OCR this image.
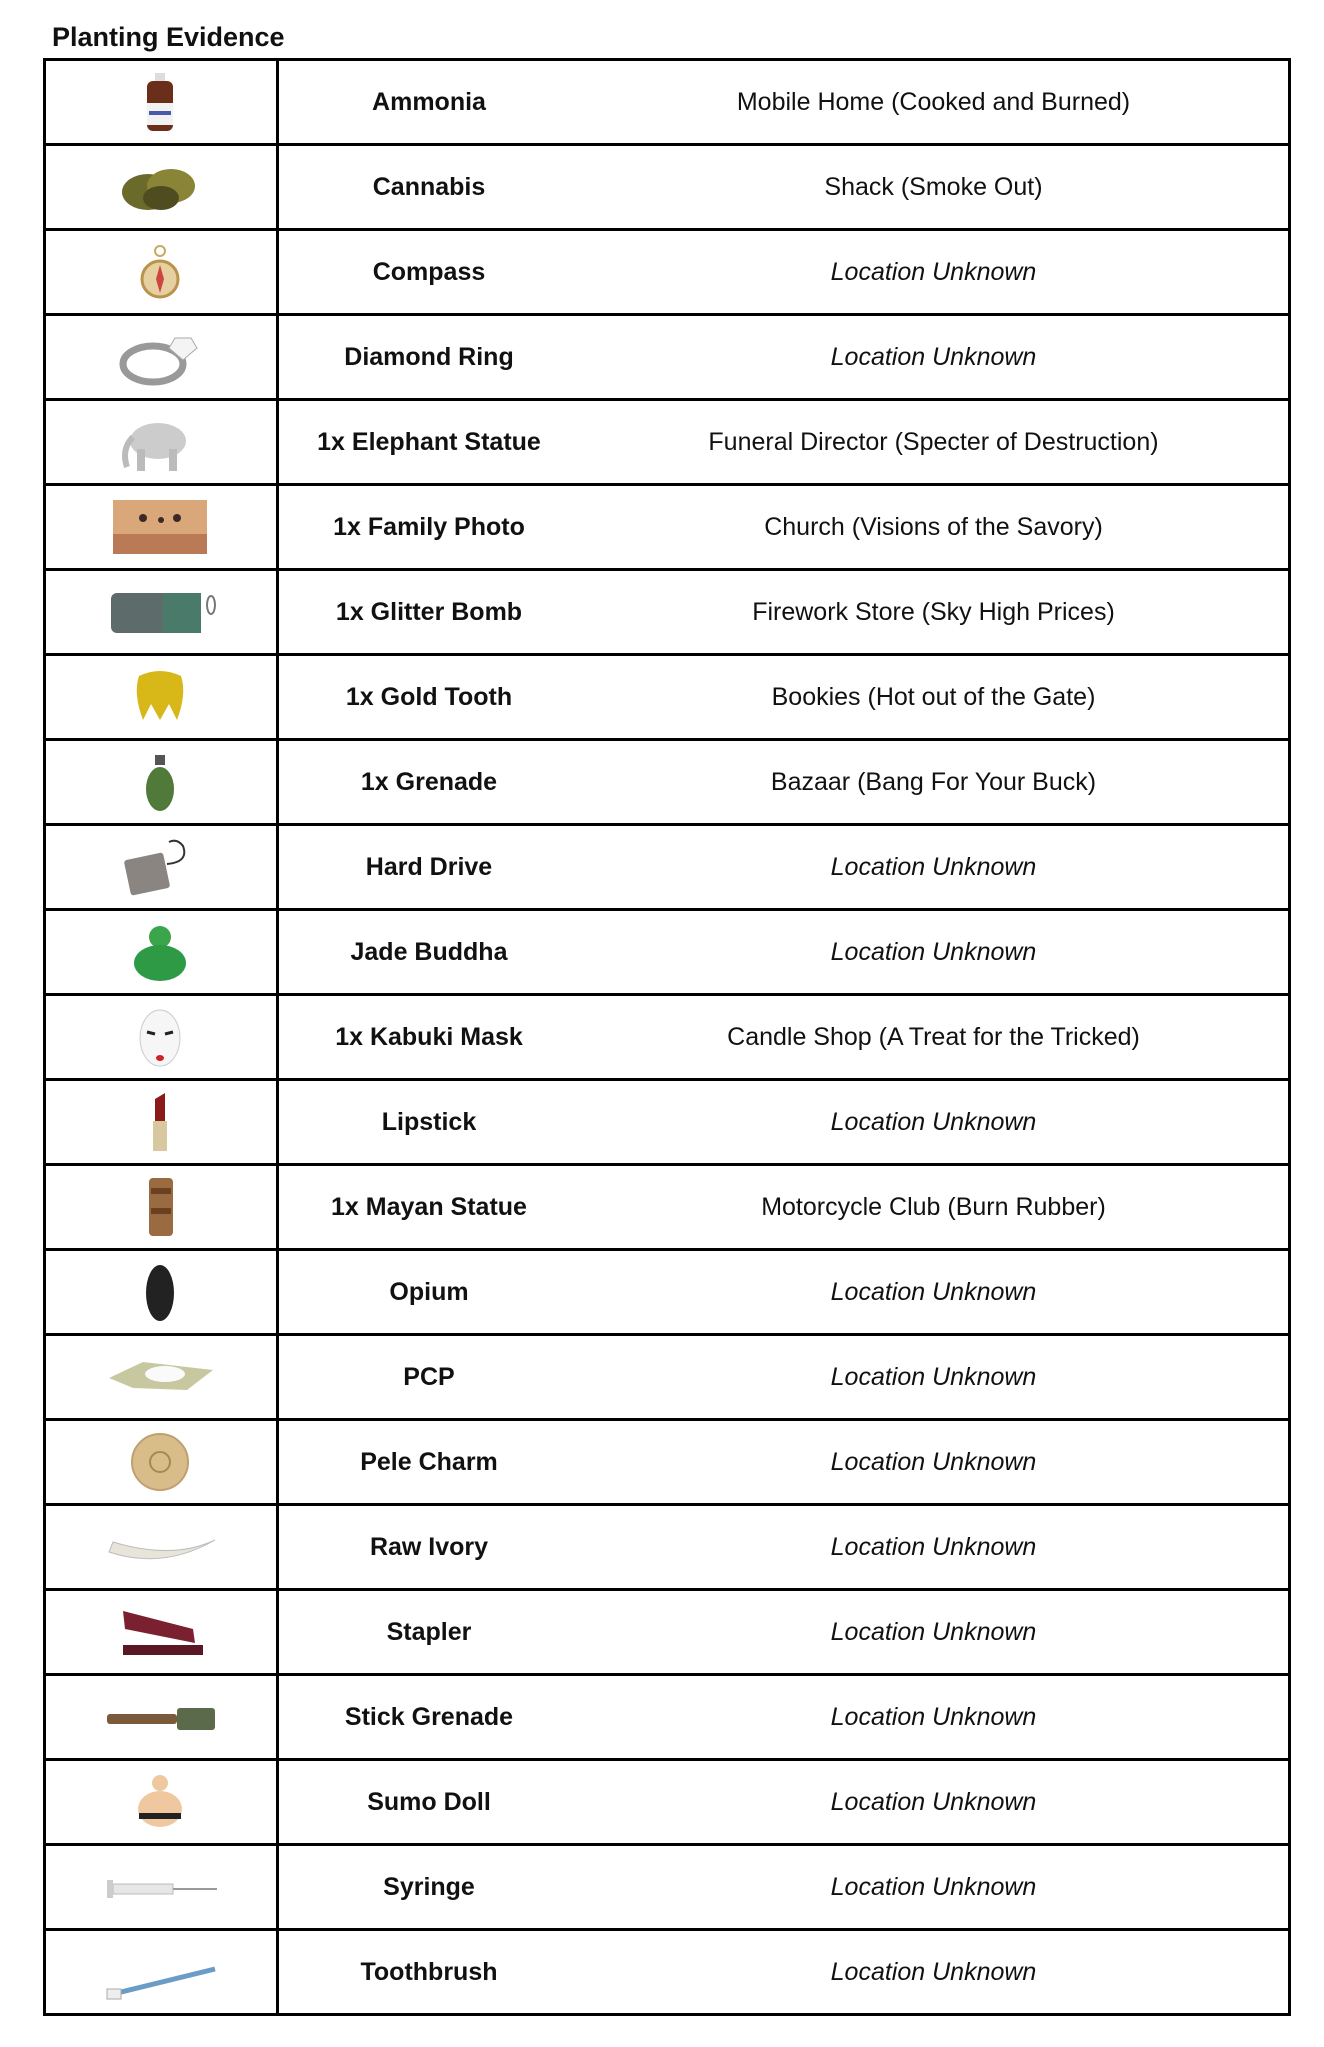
Planting Evidence
	Ammonia	Mobile Home (Cooked and Burned)
	Cannabis	Shack (Smoke Out)
	Compass	Location Unknown
	Diamond Ring	Location Unknown
	1x Elephant Statue	Funeral Director (Specter of Destruction)
	1x Family Photo	Church (Visions of the Savory)
	1x Glitter Bomb	Firework Store (Sky High Prices)
	1x Gold Tooth	Bookies (Hot out of the Gate)
	1x Grenade	Bazaar (Bang For Your Buck)
	Hard Drive	Location Unknown
	Jade Buddha	Location Unknown
	1x Kabuki Mask	Candle Shop (A Treat for the Tricked)
	Lipstick	Location Unknown
	1x Mayan Statue	Motorcycle Club (Burn Rubber)
	Opium	Location Unknown
	PCP	Location Unknown
	Pele Charm	Location Unknown
	Raw Ivory	Location Unknown
	Stapler	Location Unknown
	Stick Grenade	Location Unknown
	Sumo Doll	Location Unknown
	Syringe	Location Unknown
	Toothbrush	Location Unknown
